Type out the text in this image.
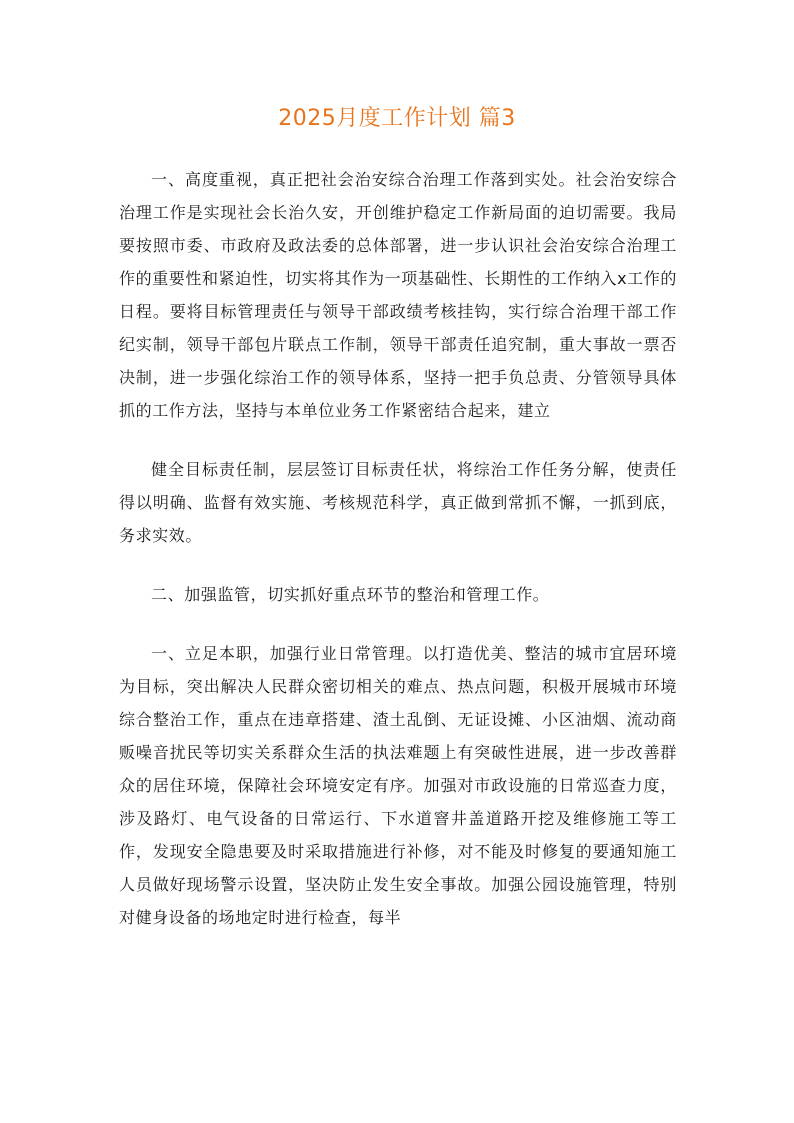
2025月度工作计划 篇3

一、高度重视，真正把社会治安综合治理工作落到实处。社会治安综合治理工作是实现社会长治久安，开创维护稳定工作新局面的迫切需要。我局要按照市委、市政府及政法委的总体部署，进一步认识社会治安综合治理工作的重要性和紧迫性，切实将其作为一项基础性、长期性的工作纳入x工作的日程。要将目标管理责任与领导干部政绩考核挂钩，实行综合治理干部工作纪实制，领导干部包片联点工作制，领导干部责任追究制，重大事故一票否决制，进一步强化综治工作的领导体系，坚持一把手负总责、分管领导具体抓的工作方法，坚持与本单位业务工作紧密结合起来，建立

健全目标责任制，层层签订目标责任状，将综治工作任务分解，使责任得以明确、监督有效实施、考核规范科学，真正做到常抓不懈，一抓到底，务求实效。

二、加强监管，切实抓好重点环节的整治和管理工作。

一、立足本职，加强行业日常管理。以打造优美、整洁的城市宜居环境为目标，突出解决人民群众密切相关的难点、热点问题，积极开展城市环境综合整治工作，重点在违章搭建、渣土乱倒、无证设摊、小区油烟、流动商贩噪音扰民等切实关系群众生活的执法难题上有突破性进展，进一步改善群众的居住环境，保障社会环境安定有序。加强对市政设施的日常巡查力度，涉及路灯、电气设备的日常运行、下水道窨井盖道路开挖及维修施工等工作，发现安全隐患要及时采取措施进行补修，对不能及时修复的要通知施工人员做好现场警示设置，坚决防止发生安全事故。加强公园设施管理，特别对健身设备的场地定时进行检查，每半
